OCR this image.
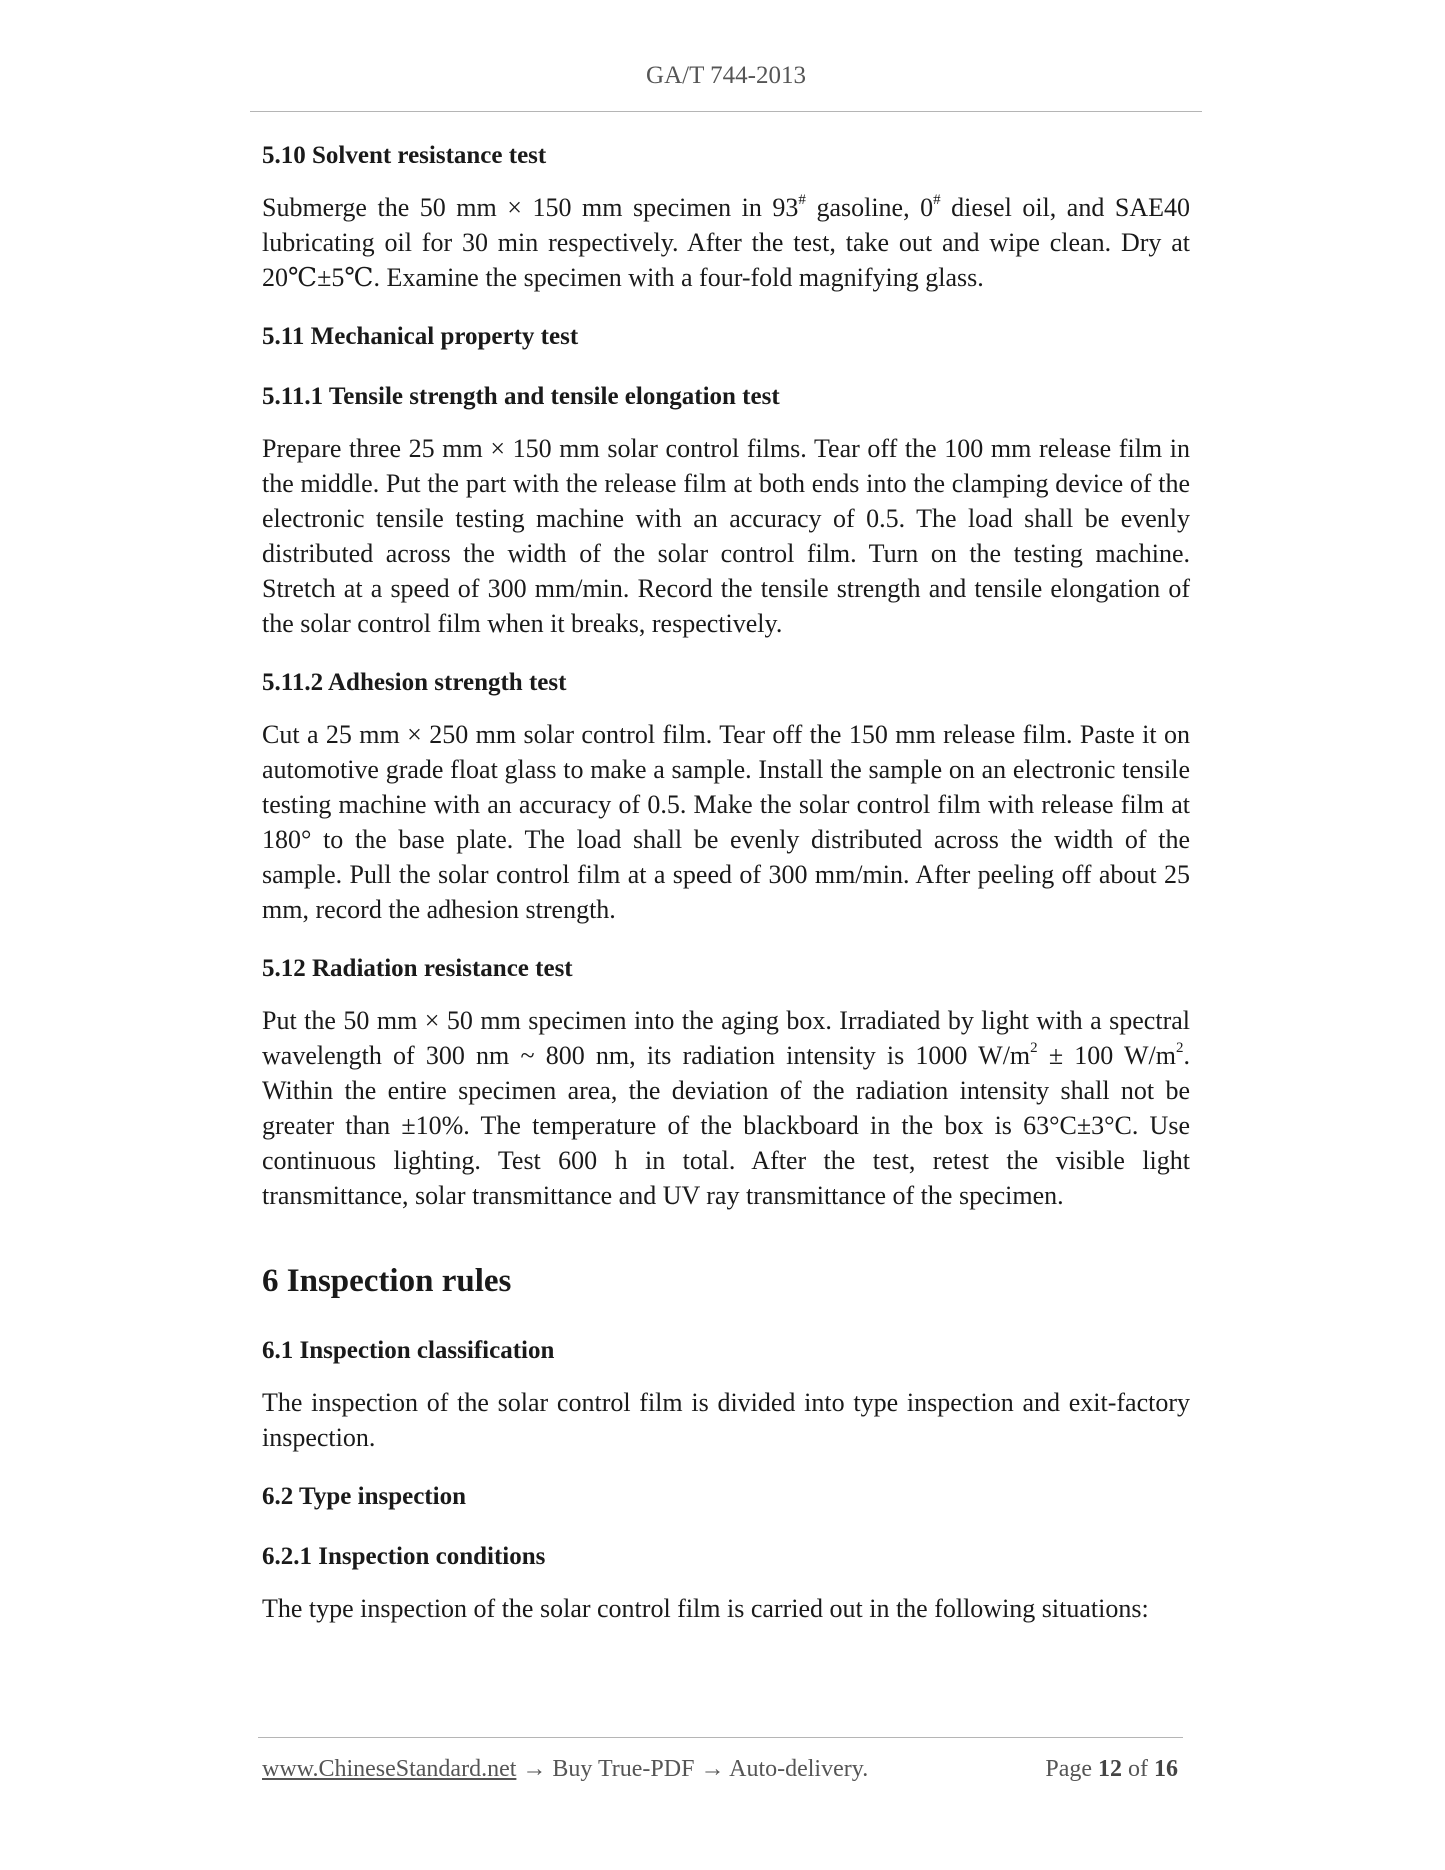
GA/T 744-2013
5.10 Solvent resistance test

Submerge the 50 mm × 150 mm specimen in 93# gasoline, 0# diesel oil, and SAE40 lubricating oil for 30 min respectively. After the test, take out and wipe clean. Dry at 20℃±5℃. Examine the specimen with a four-fold magnifying glass.

5.11 Mechanical property test
5.11.1 Tensile strength and tensile elongation test

Prepare three 25 mm × 150 mm solar control films. Tear off the 100 mm release film in the middle. Put the part with the release film at both ends into the clamping device of the electronic tensile testing machine with an accuracy of 0.5. The load shall be evenly distributed across the width of the solar control film. Turn on the testing machine. Stretch at a speed of 300 mm/min. Record the tensile strength and tensile elongation of the solar control film when it breaks, respectively.

5.11.2 Adhesion strength test

Cut a 25 mm × 250 mm solar control film. Tear off the 150 mm release film. Paste it on automotive grade float glass to make a sample. Install the sample on an electronic tensile testing machine with an accuracy of 0.5. Make the solar control film with release film at 180° to the base plate. The load shall be evenly distributed across the width of the sample. Pull the solar control film at a speed of 300 mm/min. After peeling off about 25 mm, record the adhesion strength.

5.12 Radiation resistance test

Put the 50 mm × 50 mm specimen into the aging box. Irradiated by light with a spectral wavelength of 300 nm ~ 800 nm, its radiation intensity is 1000 $W/m^2 \pm 100$ $W/m^2$. Within the entire specimen area, the deviation of the radiation intensity shall not be greater than ±10%. The temperature of the blackboard in the box is 63°C±3°C. Use continuous lighting. Test 600 h in total. After the test, retest the visible light transmittance, solar transmittance and UV ray transmittance of the specimen.

6 Inspection rules
6.1 Inspection classification

The inspection of the solar control film is divided into type inspection and exit-factory inspection.

6.2 Type inspection
6.2.1 Inspection conditions

The type inspection of the solar control film is carried out in the following situations:

www.ChineseStandard.net → Buy True-PDF → Auto-delivery.	Page 12 of 16
